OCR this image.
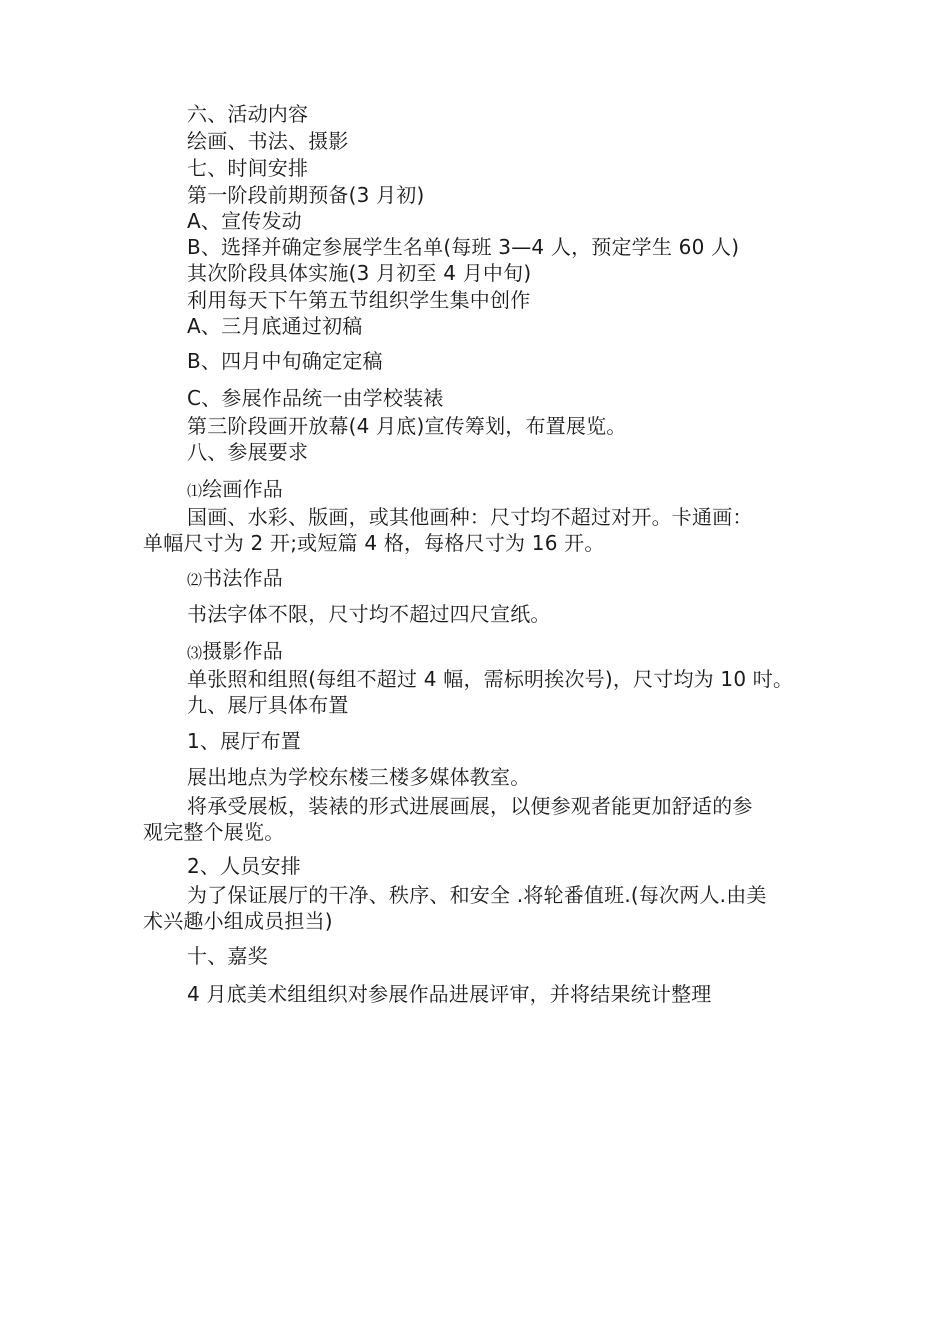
六、活动内容
绘画、书法、摄影
七、时间安排
第一阶段前期预备(3 月初)
A、宣传发动
B、选择并确定参展学生名单(每班 3—4 人，预定学生 60 人)
其次阶段具体实施(3 月初至 4 月中旬)
利用每天下午第五节组织学生集中创作
A、三月底通过初稿
B、四月中旬确定定稿
C、参展作品统一由学校装裱
第三阶段画开放幕(4 月底)宣传筹划，布置展览。
八、参展要求
⑴绘画作品
国画、水彩、版画，或其他画种：尺寸均不超过对开。卡通画：
单幅尺寸为 2 开;或短篇 4 格，每格尺寸为 16 开。
⑵书法作品
书法字体不限，尺寸均不超过四尺宣纸。
⑶摄影作品
单张照和组照(每组不超过 4 幅，需标明挨次号)，尺寸均为 10 吋。
九、展厅具体布置
1、展厅布置
展出地点为学校东楼三楼多媒体教室。
将承受展板，装裱的形式进展画展，以便参观者能更加舒适的参
观完整个展览。
2、人员安排
为了保证展厅的干净、秩序、和安全 .将轮番值班.(每次两人.由美
术兴趣小组成员担当)
十、嘉奖
4 月底美术组组织对参展作品进展评审，并将结果统计整理
